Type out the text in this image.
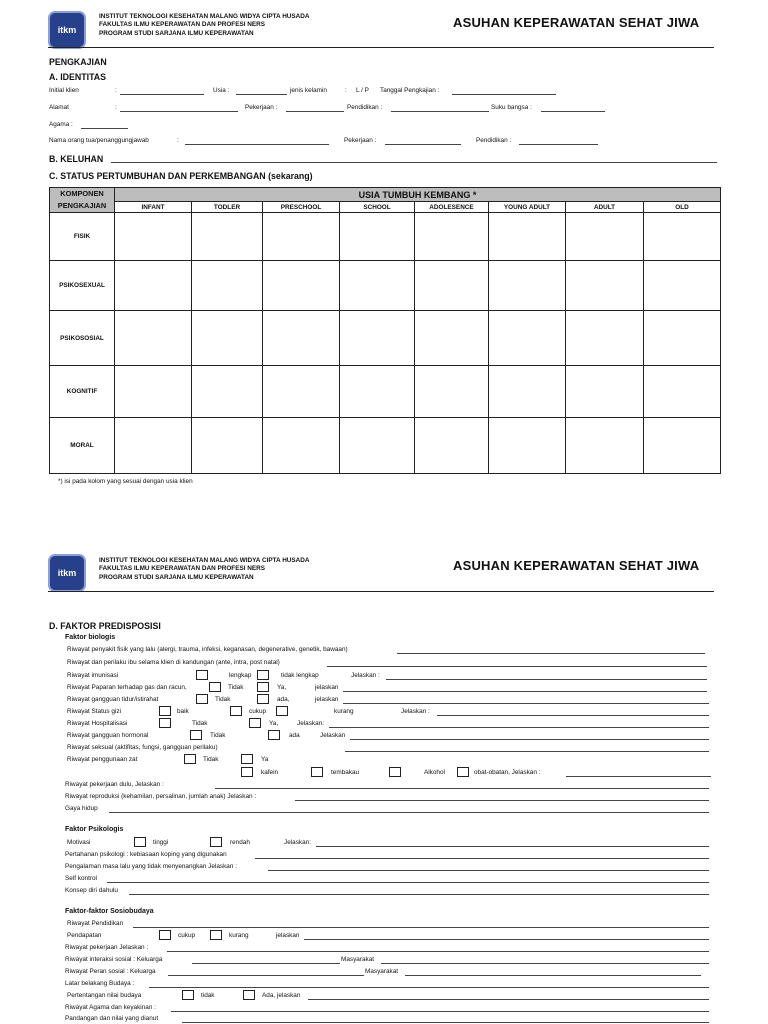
itkm
INSTITUT TEKNOLOGI KESEHATAN MALANG WIDYA CIPTA HUSADA
FAKULTAS ILMU KEPERAWATAN DAN PROFESI NERS
PROGRAM STUDI SARJANA ILMU KEPERAWATAN
ASUHAN KEPERAWATAN SEHAT JIWA
PENGKAJIAN
A. IDENTITAS
Initial klien	:	Usia :	jenis kelamin	: L / P Tanggal Pengkajian :
Alamat	:	Pekerjaan :	Pendidikan :	Suku bangsa :
Agama :
Nama orang tua/penanggungjawab	:	Pekerjaan :	Pendidikan :
B. KELUHAN
C. STATUS PERTUMBUHAN DAN PERKEMBANGAN (sekarang)
KOMPONEN PENGKAJIAN	USIA TUMBUH KEMBANG *							
	INFANT	TODLER	PRESCHOOL	SCHOOL	ADOLESENCE	YOUNG ADULT	ADULT	OLD
FISIK								
PSIKOSEXUAL								
PSIKOSOSIAL								
KOGNITIF								
MORAL								
*) isi pada kolom yang sesuai dengan usia klien
itkm
INSTITUT TEKNOLOGI KESEHATAN MALANG WIDYA CIPTA HUSADA
FAKULTAS ILMU KEPERAWATAN DAN PROFESI NERS
PROGRAM STUDI SARJANA ILMU KEPERAWATAN
ASUHAN KEPERAWATAN SEHAT JIWA
D. FAKTOR PREDISPOSISI
Faktor biologis
Riwayat penyakit fisik yang lalu (alergi, trauma, infeksi, keganasan, degenerative, genetik, bawaan)
Riwayat dan perilaku ibu selama klien di kandungan (ante, intra, post natal)
Riwayat imunisasi	lengkap	tidak lengkap	Jelaskan :
Riwayat Paparan terhadap gas dan racun,	Tidak	Ya,	jelaskan
Riwayat gangguan tidur/istirahat	Tidak	ada,	jelaskan
Riwayat Status gizi	baik	cukup	kurang	Jelaskan :
Riwayat Hospitalisasi	Tidak	Ya,	Jelaskan:
Riwayat gangguan hormonal	Tidak	ada	Jelaskan
Riwayat seksual (aktifitas, fungsi, gangguan perilaku)
Riwayat penggunaan zat	Tidak	Ya
kafein	tembakau	Alkohol	obat-obatan, Jelaskan :
Riwayat pekerjaan dulu, Jelaskan :
Riwayat reproduksi (kehamilan, persalinan, jumlah anak) Jelaskan :
Gaya hidup
Faktor Psikologis
Motivasi	tinggi	rendah	Jelaskan:
Pertahanan psikologi : kebiasaan koping yang digunakan
Pengalaman masa lalu yang tidak menyenangkan Jelaskan :
Self kontrol
Konsep diri dahulu
Faktor-faktor Sosiobudaya
Riwayat Pendidikan
Pendapatan	cukup	kurang	jelaskan
Riwayat pekerjaan Jelaskan :
Riwayat interaksi sosial : Keluarga	Masyarakat
Riwayat Peran sosial : Keluarga	Masyarakat
Latar belakang Budaya :
Pertentangan nilai budaya	tidak	Ada, jelaskan
Riwayat Agama dan keyakinan :
Pandangan dan nilai yang dianut
